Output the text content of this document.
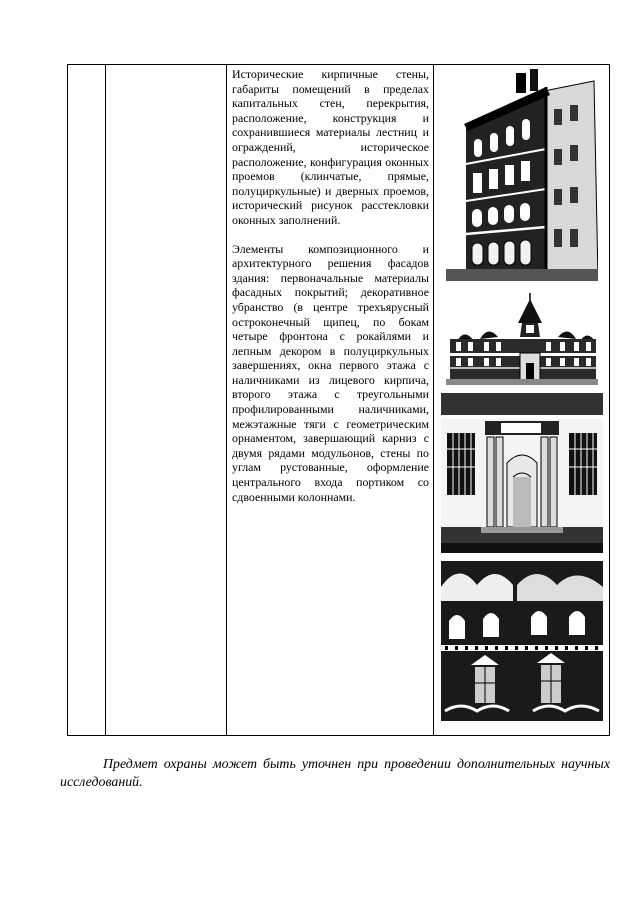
Исторические кирпичные стены, габариты помещений в пределах капитальных стен, перекрытия, расположение, конструкция и сохранившиеся материалы лестниц и ограждений, историческое расположение, конфигурация оконных проемов (клинчатые, прямые, полуциркульные) и дверных проемов, исторический рисунок расстекловки оконных заполнений.

Элементы композиционного и архитектурного решения фасадов здания: первоначальные материалы фасадных покрытий; декоративное убранство (в центре трехъярусный остроконечный щипец, по бокам четыре фронтона с рокайлями и лепным декором в полуциркульных завершениях, окна первого этажа с наличниками из лицевого кирпича, второго этажа с треугольными профилированными наличниками, межэтажные тяги с геометрическим орнаментом, завершающий карниз с двумя рядами модульонов, стены по углам рустованные, оформление центрального входа портиком со сдвоенными колоннами.

Предмет охраны может быть уточнен при проведении дополнительных научных исследований.
